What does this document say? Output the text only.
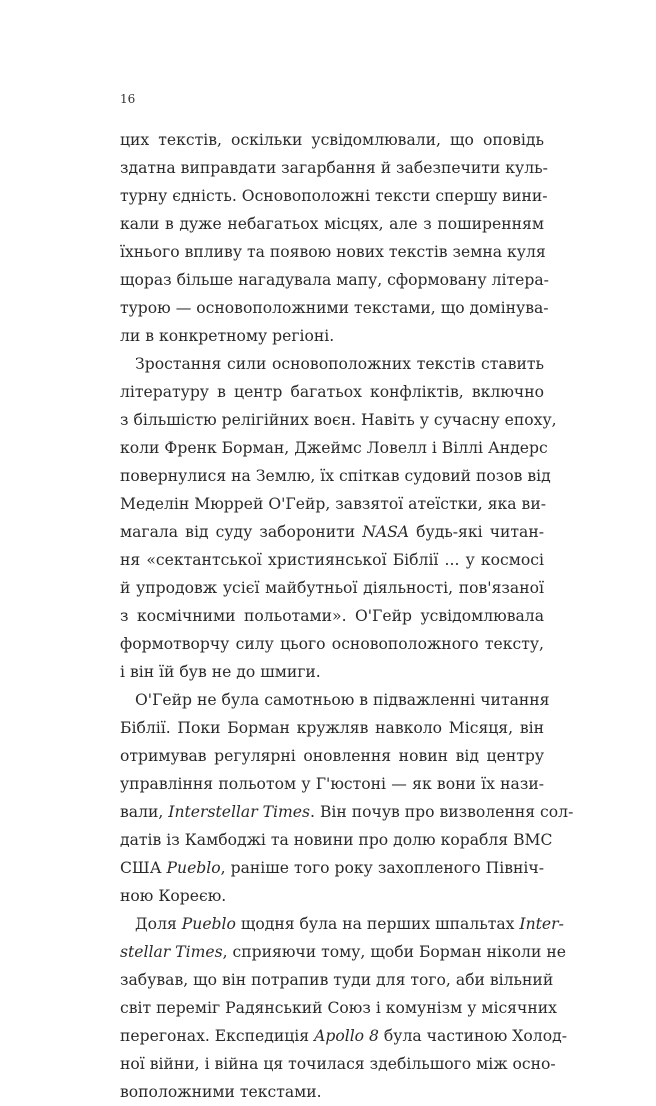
16
цих текстів, оскільки усвідомлювали, що оповідь
здатна виправдати загарбання й забезпечити куль-
турну єдність. Основоположні тексти спершу вини-
кали в дуже небагатьох місцях, але з поширенням
їхнього впливу та появою нових текстів земна куля
щораз більше нагадувала мапу, сформовану літера-
турою — основоположними текстами, що домінува-
ли в конкретному регіоні.
Зростання сили основоположних текстів ставить
літературу в центр багатьох конфліктів, включно
з більшістю релігійних воєн. Навіть у сучасну епоху,
коли Френк Борман, Джеймс Ловелл і Віллі Андерс
повернулися на Землю, їх спіткав судовий позов від
Меделін Мюррей О'Гейр, завзятої атеїстки, яка ви-
магала від суду заборонити NASA будь-які читан-
ня «сектантської християнської Біблії ... у космосі
й упродовж усієї майбутньої діяльності, пов'язаної
з космічними польотами». О'Гейр усвідомлювала
формотворчу силу цього основоположного тексту,
і він їй був не до шмиги.
О'Гейр не була самотньою в підважленні читання
Біблії. Поки Борман кружляв навколо Місяця, він
отримував регулярні оновлення новин від центру
управління польотом у Г'юстоні — як вони їх нази-
вали, Interstellar Times. Він почув про визволення сол-
датів із Камбоджі та новини про долю корабля ВМС
США Pueblo, раніше того року захопленого Північ-
ною Кореєю.
Доля Pueblo щодня була на перших шпальтах Inter-
stellar Times, сприяючи тому, щоби Борман ніколи не
забував, що він потрапив туди для того, аби вільний
світ переміг Радянський Союз і комунізм у місячних
перегонах. Експедиція Apollo 8 була частиною Холод-
ної війни, і війна ця точилася здебільшого між осно-
воположними текстами.
